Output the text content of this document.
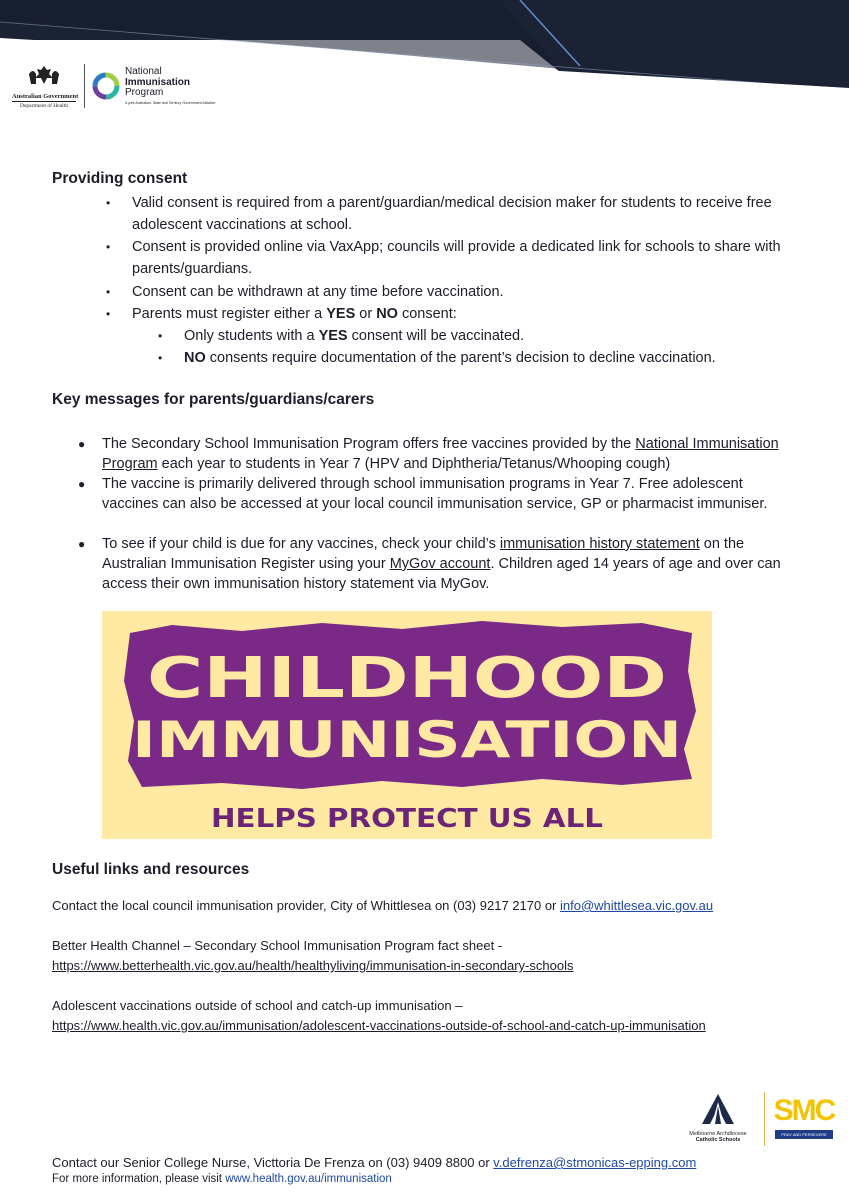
Australian Government
Department of Health
National
Immunisation
Program
A joint Australian, State and Territory Government Initiative
Providing consent
• Valid consent is required from a parent/guardian/medical decision maker for students to receive free adolescent vaccinations at school.
• Consent is provided online via VaxApp; councils will provide a dedicated link for schools to share with parents/guardians.
• Consent can be withdrawn at any time before vaccination.
• Parents must register either a YES or NO consent:
• Only students with a YES consent will be vaccinated.
• NO consents require documentation of the parent’s decision to decline vaccination.
Key messages for parents/guardians/carers
● The Secondary School Immunisation Program offers free vaccines provided by the National Immunisation Program each year to students in Year 7 (HPV and Diphtheria/Tetanus/Whooping cough)
● The vaccine is primarily delivered through school immunisation programs in Year 7. Free adolescent vaccines can also be accessed at your local council immunisation service, GP or pharmacist immuniser.
● To see if your child is due for any vaccines, check your child’s immunisation history statement on the Australian Immunisation Register using your MyGov account. Children aged 14 years of age and over can access their own immunisation history statement via MyGov.
CHILDHOOD
IMMUNISATION
HELPS PROTECT US ALL
Useful links and resources

Contact the local council immunisation provider, City of Whittlesea on (03) 9217 2170 or info@whittlesea.vic.gov.au

Better Health Channel – Secondary School Immunisation Program fact sheet -
https://www.betterhealth.vic.gov.au/health/healthyliving/immunisation-in-secondary-schools

Adolescent vaccinations outside of school and catch-up immunisation –
https://www.health.vic.gov.au/immunisation/adolescent-vaccinations-outside-of-school-and-catch-up-immunisation

Melbourne Archdiocese
Catholic Schools
SMC
PRAY AND PERSEVERE

Contact our Senior College Nurse, Victtoria De Frenza on (03) 9409 8800 or v.defrenza@stmonicas-epping.com

For more information, please visit www.health.gov.au/immunisation
